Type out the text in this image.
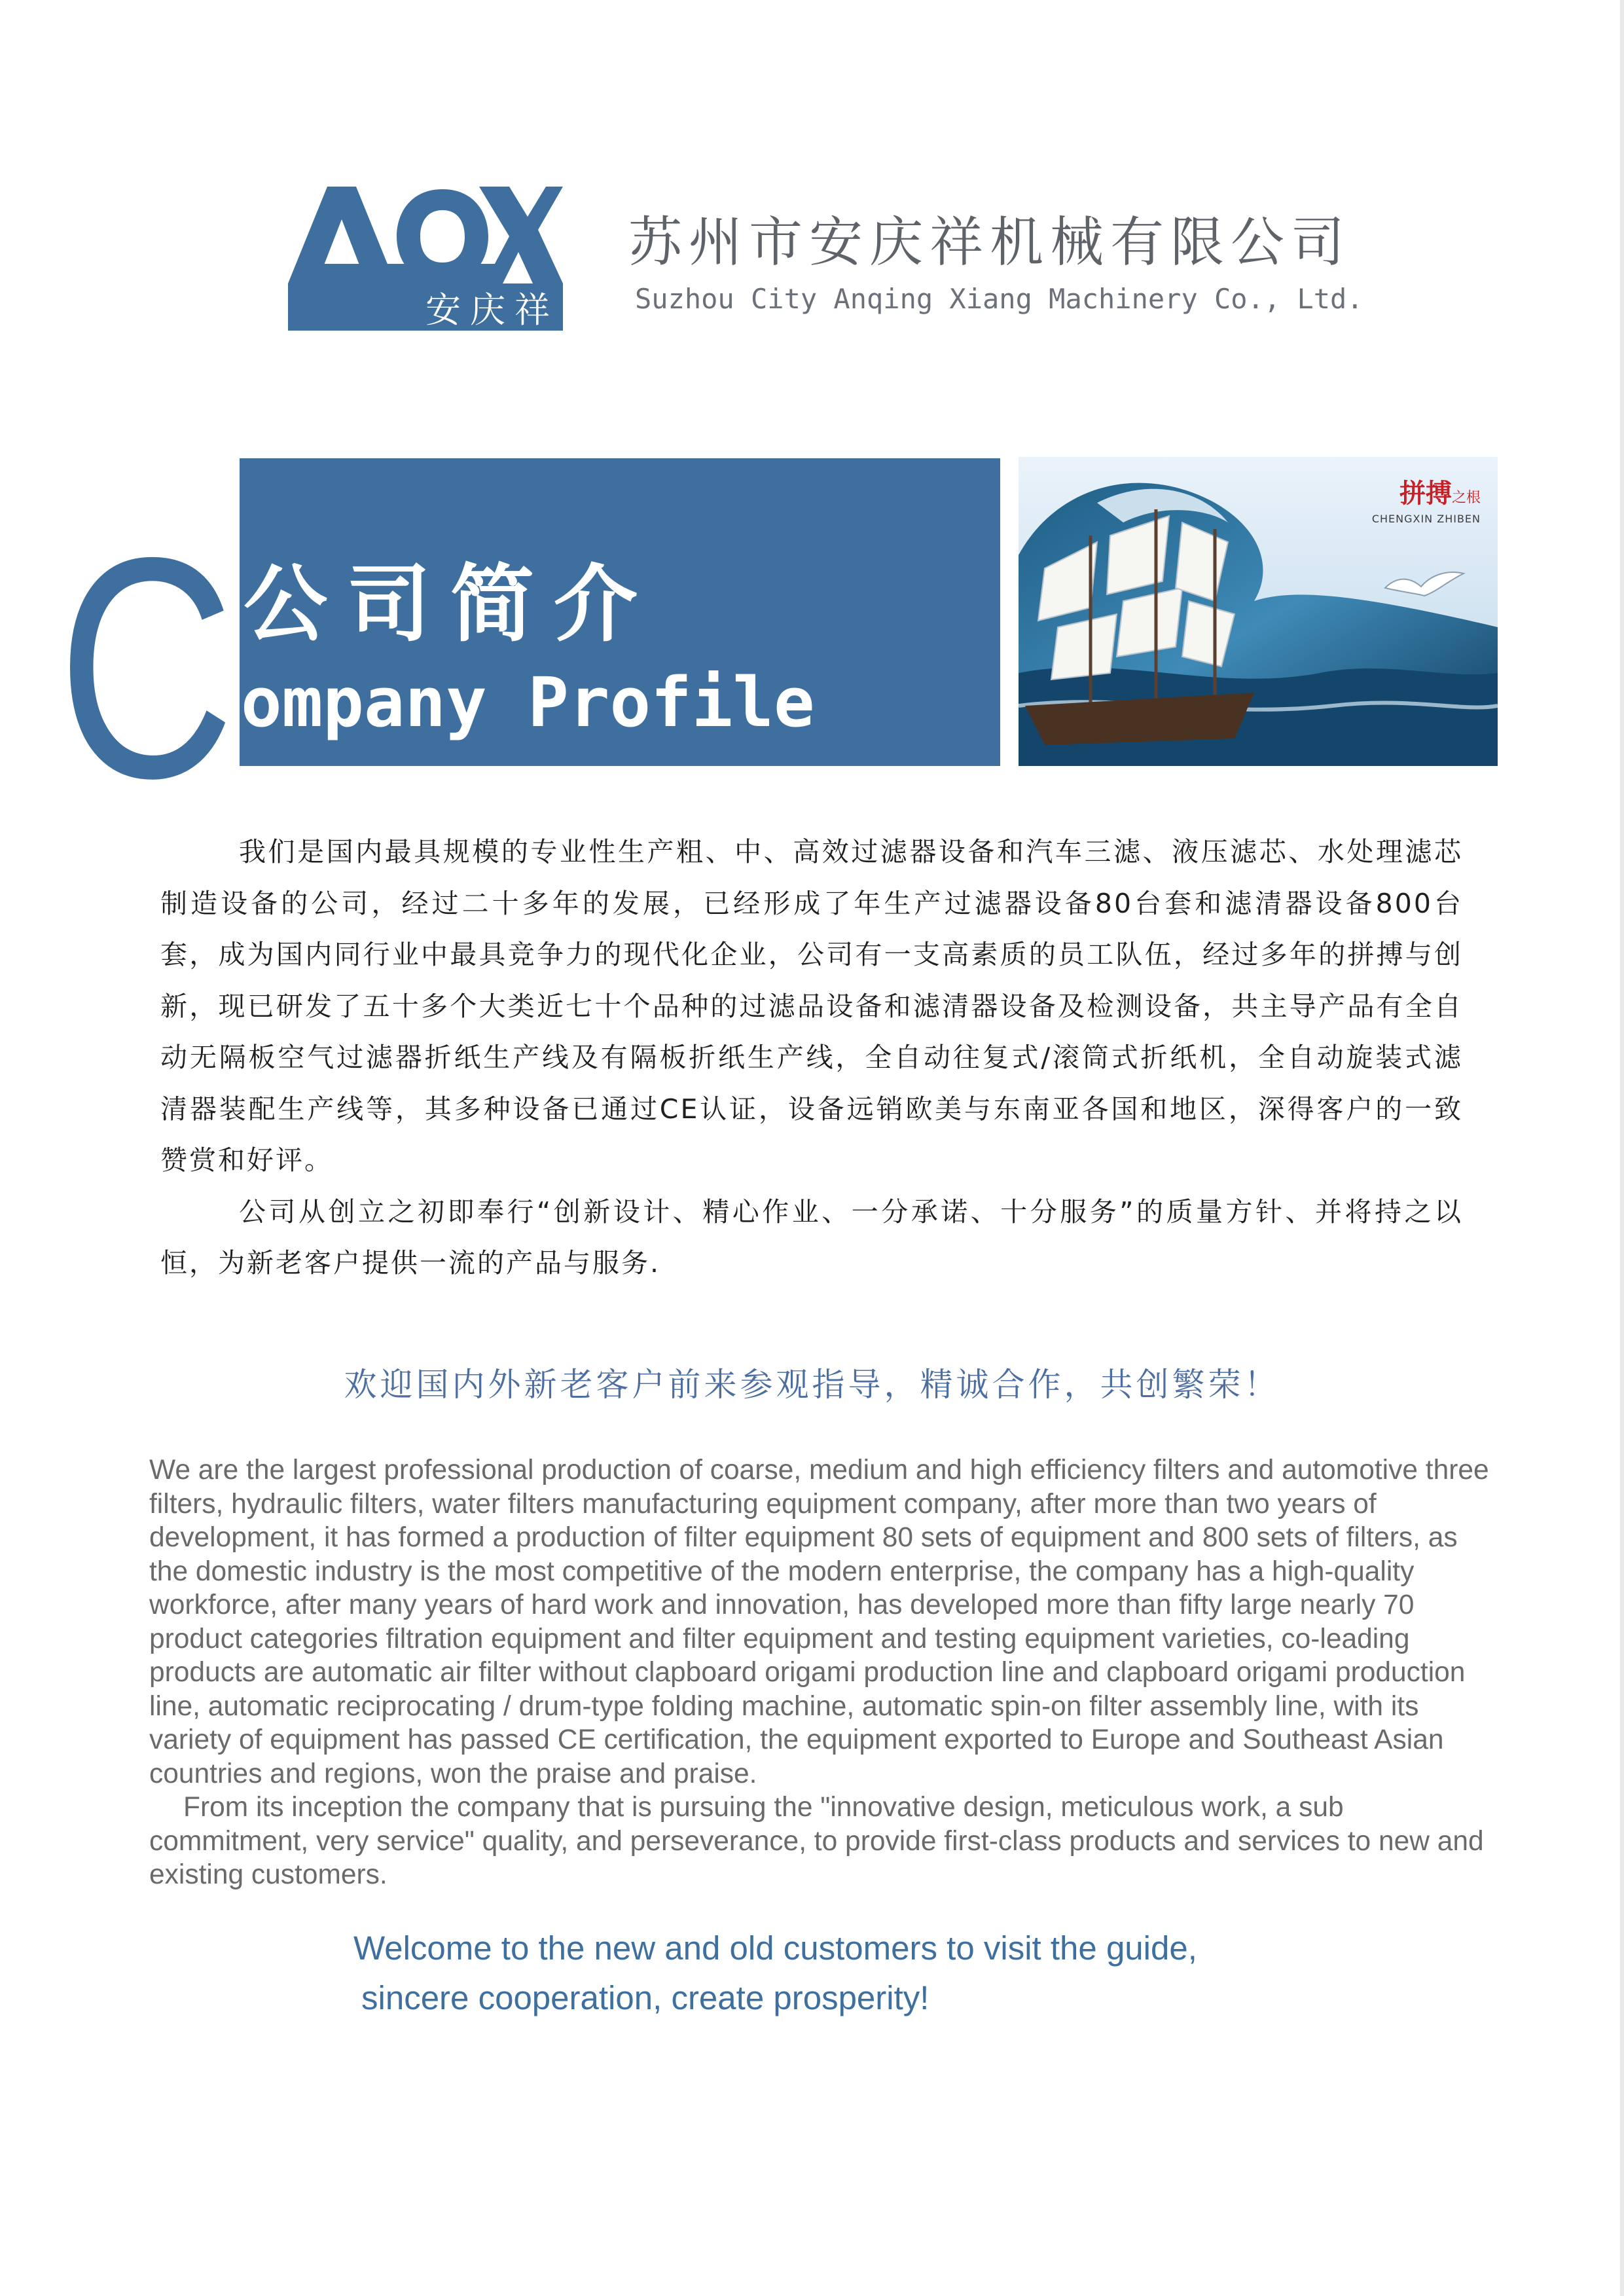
安庆祥
苏州市安庆祥机械有限公司
Suzhou City Anqing Xiang Machinery Co., Ltd.
C 公司简介
ompany Profile
拼搏之根
CHENGXIN ZHIBEN

我们是国内最具规模的专业性生产粗、中、高效过滤器设备和汽车三滤、液压滤芯、水处理滤芯制造设备的公司，经过二十多年的发展，已经形成了年生产过滤器设备80台套和滤清器设备800台套，成为国内同行业中最具竞争力的现代化企业，公司有一支高素质的员工队伍，经过多年的拼搏与创新，现已研发了五十多个大类近七十个品种的过滤品设备和滤清器设备及检测设备，共主导产品有全自动无隔板空气过滤器折纸生产线及有隔板折纸生产线，全自动往复式/滚筒式折纸机，全自动旋装式滤清器装配生产线等，其多种设备已通过CE认证，设备远销欧美与东南亚各国和地区，深得客户的一致赞赏和好评。

公司从创立之初即奉行“创新设计、精心作业、一分承诺、十分服务”的质量方针、并将持之以恒，为新老客户提供一流的产品与服务.

欢迎国内外新老客户前来参观指导，精诚合作，共创繁荣！

We are the largest professional production of coarse, medium and high efficiency filters and automotive three filters, hydraulic filters, water filters manufacturing equipment company, after more than two years of development, it has formed a production of filter equipment 80 sets of equipment and 800 sets of filters, as the domestic industry is the most competitive of the modern enterprise, the company has a high-quality workforce, after many years of hard work and innovation, has developed more than fifty large nearly 70 product categories filtration equipment and filter equipment and testing equipment varieties, co-leading products are automatic air filter without clapboard origami production line and clapboard origami production line, automatic reciprocating / drum-type folding machine, automatic spin-on filter assembly line, with its variety of equipment has passed CE certification, the equipment exported to Europe and Southeast Asian countries and regions, won the praise and praise.

From its inception the company that is pursuing the "innovative design, meticulous work, a sub commitment, very service" quality, and perseverance, to provide first-class products and services to new and existing customers.

Welcome to the new and old customers to visit the guide,
sincere cooperation, create prosperity!
